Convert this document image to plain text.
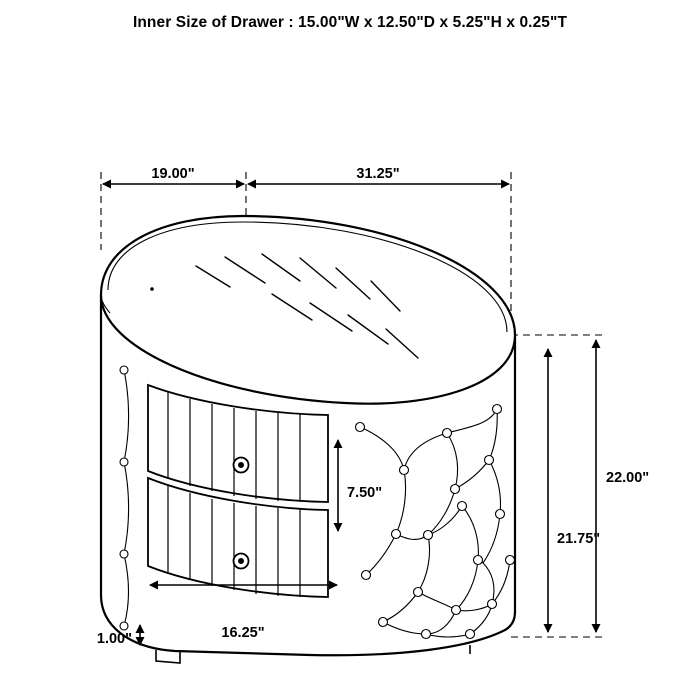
Inner Size of Drawer : 15.00"W x 12.50"D x 5.25"H x 0.25"T
19.00"	31.25"
7.50"
22.00"
21.75"
16.25"
1.00"
